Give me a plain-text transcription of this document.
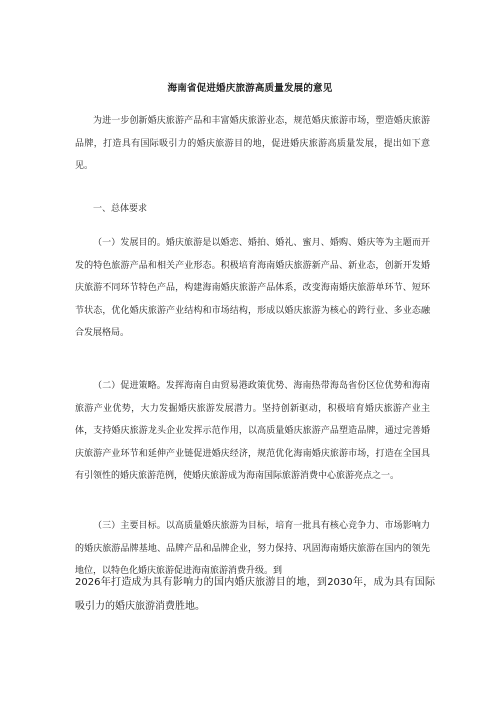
海南省促进婚庆旅游高质量发展的意见

为进一步创新婚庆旅游产品和丰富婚庆旅游业态，规范婚庆旅游市场，塑造婚庆旅游品牌，打造具有国际吸引力的婚庆旅游目的地，促进婚庆旅游高质量发展，提出如下意见。

一、总体要求

（一）发展目的。婚庆旅游是以婚恋、婚拍、婚礼、蜜月、婚购、婚庆等为主题而开发的特色旅游产品和相关产业形态。积极培育海南婚庆旅游新产品、新业态，创新开发婚庆旅游不同环节特色产品，构建海南婚庆旅游产品体系，改变海南婚庆旅游单环节、短环节状态，优化婚庆旅游产业结构和市场结构，形成以婚庆旅游为核心的跨行业、多业态融合发展格局。

（二）促进策略。发挥海南自由贸易港政策优势、海南热带海岛省份区位优势和海南旅游产业优势，大力发掘婚庆旅游发展潜力。坚持创新驱动，积极培育婚庆旅游产业主体，支持婚庆旅游龙头企业发挥示范作用，以高质量婚庆旅游产品塑造品牌，通过完善婚庆旅游产业环节和延伸产业链促进婚庆经济，规范优化海南婚庆旅游市场，打造在全国具有引领性的婚庆旅游范例，使婚庆旅游成为海南国际旅游消费中心旅游亮点之一。

（三）主要目标。以高质量婚庆旅游为目标，培育一批具有核心竞争力、市场影响力的婚庆旅游品牌基地、品牌产品和品牌企业，努力保持、巩固海南婚庆旅游在国内的领先地位，以特色化婚庆旅游促进海南旅游消费升级。到

2026年打造成为具有影响力的国内婚庆旅游目的地，到2030年，成为具有国际吸引力的婚庆旅游消费胜地。
